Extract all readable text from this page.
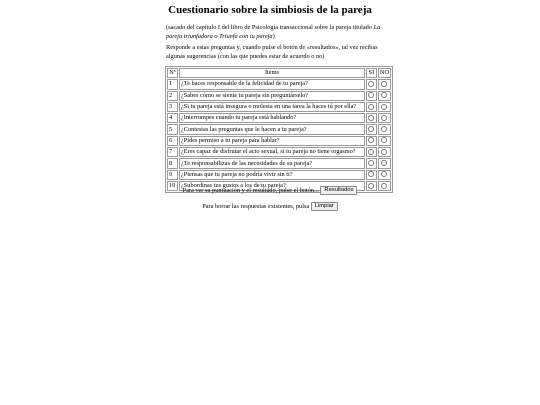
Cuestionario sobre la simbiosis de la pareja
(sacado del capítulo I del libro de Psicología transaccional sobre la pareja titulado La pareja triunfadora o Triunfa con tu pareja)
Responde a estas preguntas y, cuando pulse el botón de «resultados», tal vez recibas algunas sugerencias (con las que puedes estar de acuerdo o no)
Nº	Ítems	SI	NO
1	¿Te haces responsable de la felicidad de tu pareja?		
2	¿Sabes cómo se siente tu pareja sin preguntárselo?		
3	¿Si tu pareja está insegura o molesta en una tarea la haces tú por ella?		
4	¿Interrumpes cuando tu pareja está hablando?		
5	¿Contestas las preguntas que le hacen a tu pareja?		
6	¿Pides permiso a tu pareja para hablar?		
7	¿Eres capaz de disfrutar el acto sexual, si tu pareja no tiene orgasmo?		
8	¿Te responsabilizas de las necesidades de su pareja?		
9	¿Piensas que tu pareja no podría vivir sin ti?		
10	¿Subordinas tus gustos a los de tu pareja?		
Para ver su puntuación y el resultado, pulse el botón... Resultados
Para borrar las respuestas existentes, pulsa Limpiar
